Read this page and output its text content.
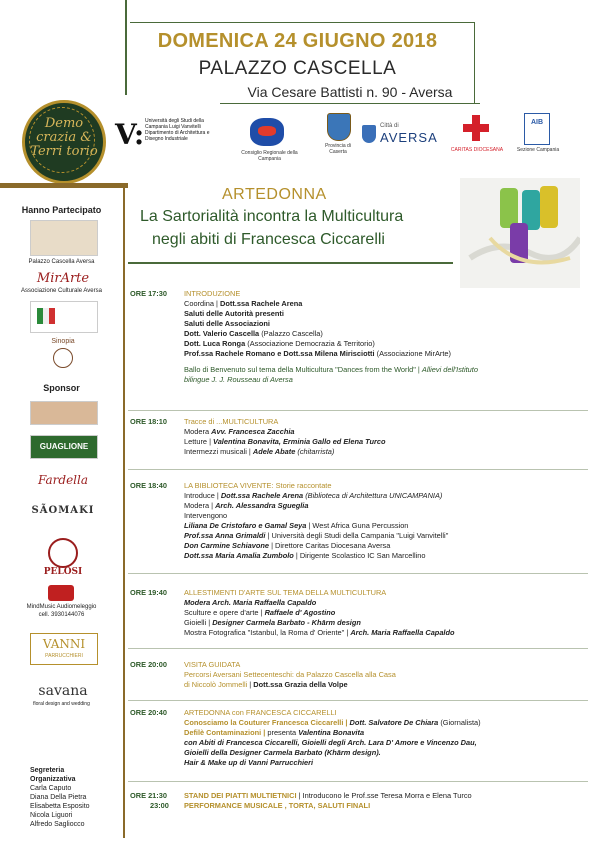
DOMENICA 24 GIUGNO 2018
PALAZZO CASCELLA
Via Cesare Battisti n. 90 - Aversa
Demo crazia & Terri torio
V: Università degli Studi della Campania Luigi Vanvitelli Dipartimento di Architettura e Disegno Industriale
Consiglio Regionale della Campania
Provincia di Caserta
Città di
AVERSA
CARITAS DIOCESANA
AIB
Sezione Campania
Hanno Partecipato
Palazzo Cascella Aversa
MirArte
Associazione Culturale Aversa
Sinopia
Sponsor
GUAGLIONE
Fardella
SÃOMAKI
PELOSI
MindMusic Audiomeleggio
cell. 3930144076
VANNI
PARRUCCHIERI
savana
floral design and wedding
Segreteria
Organizzativa
Carla Caputo
Diana Della Pietra
Elisabetta Esposito
Nicola Liguori
Alfredo Sagliocco
ARTEDONNA
La Sartorialità incontra la Multicultura
negli abiti di Francesca Ciccarelli
ORE 17:30	INTRODUZIONE
Coordina | Dott.ssa Rachele Arena
Saluti delle Autorità presenti
Saluti delle Associazioni
Dott. Valerio Cascella (Palazzo Cascella)
Dott. Luca Ronga (Associazione Democrazia & Territorio)
Prof.ssa Rachele Romano e Dott.ssa Milena Mirisciotti (Associazione MirArte)
Ballo di Benvenuto sul tema della Multicultura "Dances from the World" | Allievi dell'Istituto
bilingue J. J. Rousseau di Aversa
ORE 18:10 Tracce di ...MULTICULTURA
Modera Avv. Francesca Zacchia
Letture | Valentina Bonavita, Erminia Gallo ed Elena Turco
Intermezzi musicali | Adele Abate (chitarrista)
ORE 18:40 LA BIBLIOTECA VIVENTE: Storie raccontate
Introduce | Dott.ssa Rachele Arena (Biblioteca di Architettura UNICAMPANIA)
Modera | Arch. Alessandra Sgueglia
Intervengono
Liliana De Cristofaro e Gamal Seya | West Africa Gunа Percussion
Prof.ssa Anna Grimaldi | Università degli Studi della Campania "Luigi Vanvitelli"
Don Carmine Schiavone | Direttore Caritas Diocesana Aversa
Dott.ssa Maria Amalia Zumbolo | Dirigente Scolastico IC San Marcellino
ORE 19:40 ALLESTIMENTI D'ARTE SUL TEMA DELLA MULTICULTURA
Modera Arch. Maria Raffaella Capaldo
Sculture e opere d'arte | Raffaele d' Agostino
Gioielli | Designer Carmela Barbato - Khārm design
Mostra Fotografica "Istanbul, la Roma d' Oriente" | Arch. Maria Raffaella Capaldo
ORE 20:00 VISITA GUIDATA
Percorsi Aversani Settecenteschi: da Palazzo Cascella alla Casa
di Niccolò Jommelli | Dott.ssa Grazia della Volpe
ORE 20:40 ARTEDONNA con FRANCESCA CICCARELLI
Conosciamo la Couturer Francesca Ciccarelli | Dott. Salvatore De Chiara (Giornalista)
Defilè Contaminazioni | presenta Valentina Bonavita
con Abiti di Francesca Ciccarelli, Gioielli degli Arch. Lara D' Amore e Vincenzo Dau,
Gioielli della Designer Carmela Barbato (Khārm design).
Hair & Make up di Vanni Parrucchieri
ORE 21:30
23:00
STAND DEI PIATTI MULTIETNICI | Introducono le Prof.sse Teresa Morra e Elena Turco
PERFORMANCE MUSICALE , TORTA, SALUTI FINALI
